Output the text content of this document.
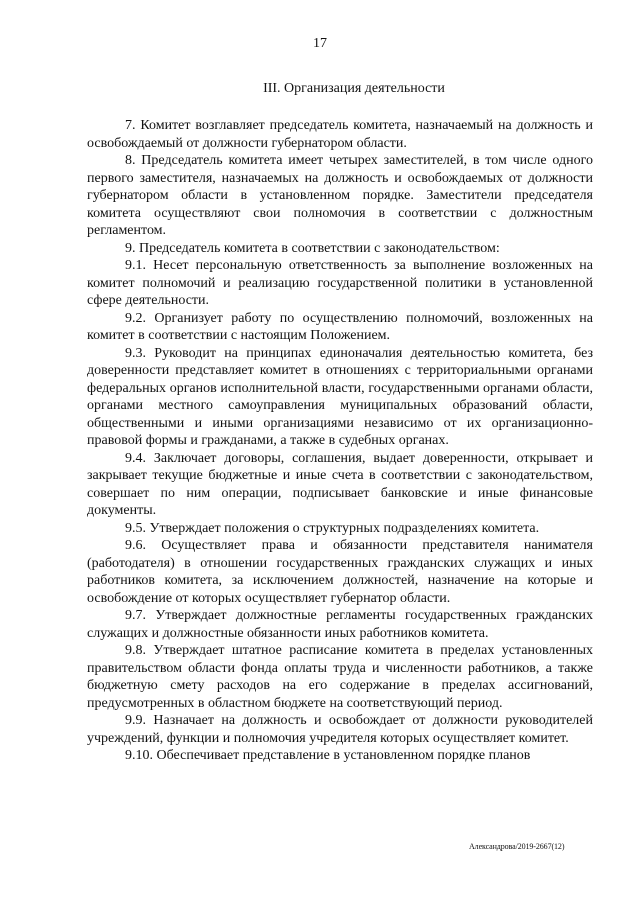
17
III. Организация деятельности

7. Комитет возглавляет председатель комитета, назначаемый на должность и освобождаемый от должности губернатором области.

8. Председатель комитета имеет четырех заместителей, в том числе одного первого заместителя, назначаемых на должность и освобождаемых от должности губернатором области в установленном порядке. Заместители председателя комитета осуществляют свои полномочия в соответствии с должностным регламентом.

9. Председатель комитета в соответствии с законодательством:

9.1. Несет персональную ответственность за выполнение возложенных на комитет полномочий и реализацию государственной политики в установленной сфере деятельности.

9.2. Организует работу по осуществлению полномочий, возложенных на комитет в соответствии с настоящим Положением.

9.3. Руководит на принципах единоначалия деятельностью комитета, без доверенности представляет комитет в отношениях с территориальными органами федеральных органов исполнительной власти, государственными органами области, органами местного самоуправления муниципальных образований области, общественными и иными организациями независимо от их организационно-правовой формы и гражданами, а также в судебных органах.

9.4. Заключает договоры, соглашения, выдает доверенности, открывает и закрывает текущие бюджетные и иные счета в соответствии с законодательством, совершает по ним операции, подписывает банковские и иные финансовые документы.

9.5. Утверждает положения о структурных подразделениях комитета.

9.6. Осуществляет права и обязанности представителя нанимателя (работодателя) в отношении государственных гражданских служащих и иных работников комитета, за исключением должностей, назначение на которые и освобождение от которых осуществляет губернатор области.

9.7. Утверждает должностные регламенты государственных гражданских служащих и должностные обязанности иных работников комитета.

9.8. Утверждает штатное расписание комитета в пределах установленных правительством области фонда оплаты труда и численности работников, а также бюджетную смету расходов на его содержание в пределах ассигнований, предусмотренных в областном бюджете на соответствующий период.

9.9. Назначает на должность и освобождает от должности руководителей учреждений, функции и полномочия учредителя которых осуществляет комитет.

9.10. Обеспечивает представление в установленном порядке планов

Александрова/2019-2667(12)
